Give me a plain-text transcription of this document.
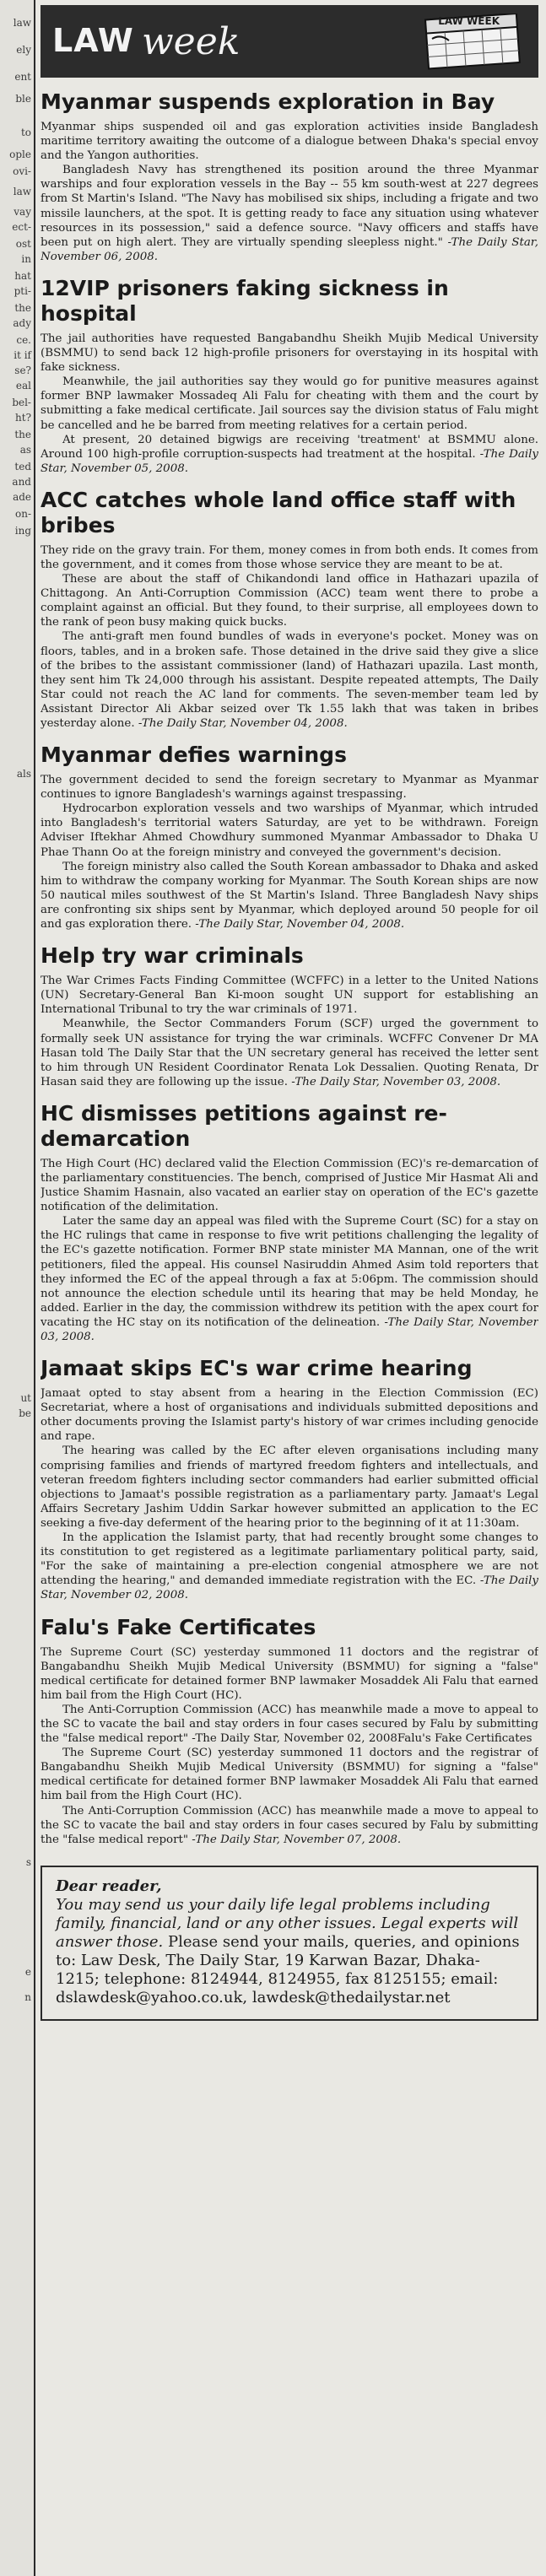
law
ely
ent
ble
to
ople
ovi-
law
vay
ect-
ost
in
hat
pti-
the
ady
ce.
it if
se?
eal
bel-
ht?
the
as
ted
and
ade
on-
ing
als
ut
be
s
e
n
LAW week	LAW WEEK
Myanmar suspends exploration in Bay

Myanmar ships suspended oil and gas exploration activities inside Bangladesh maritime territory awaiting the outcome of a dialogue between Dhaka's special envoy and the Yangon authorities.

Bangladesh Navy has strengthened its position around the three Myanmar warships and four exploration vessels in the Bay -- 55 km south-west at 227 degrees from St Martin's Island. "The Navy has mobilised six ships, including a frigate and two missile launchers, at the spot. It is getting ready to face any situation using whatever resources in its possession," said a defence source. "Navy officers and staffs have been put on high alert. They are virtually spending sleepless night." -The Daily Star, November 06, 2008.

12VIP prisoners faking sickness in hospital

The jail authorities have requested Bangabandhu Sheikh Mujib Medical University (BSMMU) to send back 12 high-profile prisoners for overstaying in its hospital with fake sickness.

Meanwhile, the jail authorities say they would go for punitive measures against former BNP lawmaker Mossadeq Ali Falu for cheating with them and the court by submitting a fake medical certificate. Jail sources say the division status of Falu might be cancelled and he be barred from meeting relatives for a certain period.

At present, 20 detained bigwigs are receiving 'treatment' at BSMMU alone. Around 100 high-profile corruption-suspects had treatment at the hospital. -The Daily Star, November 05, 2008.

ACC catches whole land office staff with bribes

They ride on the gravy train. For them, money comes in from both ends. It comes from the government, and it comes from those whose service they are meant to be at.

These are about the staff of Chikandondi land office in Hathazari upazila of Chittagong. An Anti-Corruption Commission (ACC) team went there to probe a complaint against an official. But they found, to their surprise, all employees down to the rank of peon busy making quick bucks.

The anti-graft men found bundles of wads in everyone's pocket. Money was on floors, tables, and in a broken safe. Those detained in the drive said they give a slice of the bribes to the assistant commissioner (land) of Hathazari upazila. Last month, they sent him Tk 24,000 through his assistant. Despite repeated attempts, The Daily Star could not reach the AC land for comments. The seven-member team led by Assistant Director Ali Akbar seized over Tk 1.55 lakh that was taken in bribes yesterday alone. -The Daily Star, November 04, 2008.

Myanmar defies warnings

The government decided to send the foreign secretary to Myanmar as Myanmar continues to ignore Bangladesh's warnings against trespassing.

Hydrocarbon exploration vessels and two warships of Myanmar, which intruded into Bangladesh's territorial waters Saturday, are yet to be withdrawn. Foreign Adviser Iftekhar Ahmed Chowdhury summoned Myanmar Ambassador to Dhaka U Phae Thann Oo at the foreign ministry and conveyed the government's decision.

The foreign ministry also called the South Korean ambassador to Dhaka and asked him to withdraw the company working for Myanmar. The South Korean ships are now 50 nautical miles southwest of the St Martin's Island. Three Bangladesh Navy ships are confronting six ships sent by Myanmar, which deployed around 50 people for oil and gas exploration there. -The Daily Star, November 04, 2008.

Help try war criminals

The War Crimes Facts Finding Committee (WCFFC) in a letter to the United Nations (UN) Secretary-General Ban Ki-moon sought UN support for establishing an International Tribunal to try the war criminals of 1971.

Meanwhile, the Sector Commanders Forum (SCF) urged the government to formally seek UN assistance for trying the war criminals. WCFFC Convener Dr MA Hasan told The Daily Star that the UN secretary general has received the letter sent to him through UN Resident Coordinator Renata Lok Dessalien. Quoting Renata, Dr Hasan said they are following up the issue. -The Daily Star, November 03, 2008.

HC dismisses petitions against re-demarcation

The High Court (HC) declared valid the Election Commission (EC)'s re-demarcation of the parliamentary constituencies. The bench, comprised of Justice Mir Hasmat Ali and Justice Shamim Hasnain, also vacated an earlier stay on operation of the EC's gazette notification of the delimitation.

Later the same day an appeal was filed with the Supreme Court (SC) for a stay on the HC rulings that came in response to five writ petitions challenging the legality of the EC's gazette notification. Former BNP state minister MA Mannan, one of the writ petitioners, filed the appeal. His counsel Nasiruddin Ahmed Asim told reporters that they informed the EC of the appeal through a fax at 5:06pm. The commission should not announce the election schedule until its hearing that may be held Monday, he added. Earlier in the day, the commission withdrew its petition with the apex court for vacating the HC stay on its notification of the delineation. -The Daily Star, November 03, 2008.

Jamaat skips EC's war crime hearing

Jamaat opted to stay absent from a hearing in the Election Commission (EC) Secretariat, where a host of organisations and individuals submitted depositions and other documents proving the Islamist party's history of war crimes including genocide and rape.

The hearing was called by the EC after eleven organisations including many comprising families and friends of martyred freedom fighters and intellectuals, and veteran freedom fighters including sector commanders had earlier submitted official objections to Jamaat's possible registration as a parliamentary party. Jamaat's Legal Affairs Secretary Jashim Uddin Sarkar however submitted an application to the EC seeking a five-day deferment of the hearing prior to the beginning of it at 11:30am.

In the application the Islamist party, that had recently brought some changes to its constitution to get registered as a legitimate parliamentary political party, said, "For the sake of maintaining a pre-election congenial atmosphere we are not attending the hearing," and demanded immediate registration with the EC. -The Daily Star, November 02, 2008.

Falu's Fake Certificates

The Supreme Court (SC) yesterday summoned 11 doctors and the registrar of Bangabandhu Sheikh Mujib Medical University (BSMMU) for signing a "false" medical certificate for detained former BNP lawmaker Mosaddek Ali Falu that earned him bail from the High Court (HC).

The Anti-Corruption Commission (ACC) has meanwhile made a move to appeal to the SC to vacate the bail and stay orders in four cases secured by Falu by submitting the "false medical report" -The Daily Star, November 02, 2008Falu's Fake Certificates

The Supreme Court (SC) yesterday summoned 11 doctors and the registrar of Bangabandhu Sheikh Mujib Medical University (BSMMU) for signing a "false" medical certificate for detained former BNP lawmaker Mosaddek Ali Falu that earned him bail from the High Court (HC).

The Anti-Corruption Commission (ACC) has meanwhile made a move to appeal to the SC to vacate the bail and stay orders in four cases secured by Falu by submitting the "false medical report" -The Daily Star, November 07, 2008.

Dear reader,
You may send us your daily life legal problems including family, financial, land or any other issues. Legal experts will answer those. Please send your mails, queries, and opinions to: Law Desk, The Daily Star, 19 Karwan Bazar, Dhaka-1215; telephone: 8124944, 8124955, fax 8125155; email: dslawdesk@yahoo.co.uk, lawdesk@thedailystar.net
